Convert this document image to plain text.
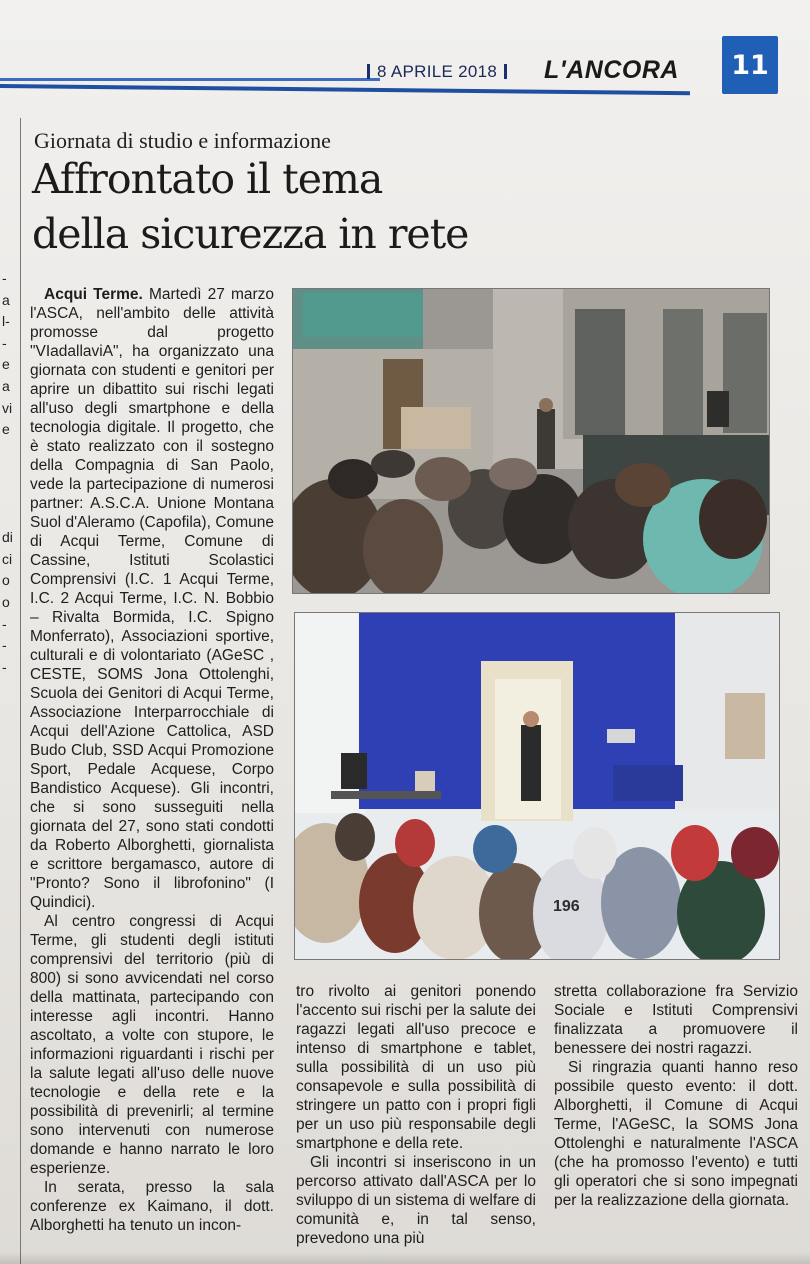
8 APRILE 2018	L'ANCORA	11
-
a
l-
-
e
a
vi
e
di
ci
o
o
-
-
-
Giornata di studio e informazione
Affrontato il tema
della sicurezza in rete

Acqui Terme. Martedì 27 marzo l'ASCA, nell'ambito delle attività promosse dal progetto "VIadallaviA", ha organizzato una giornata con studenti e genitori per aprire un dibattito sui rischi legati all'uso degli smartphone e della tecnologia digitale. Il progetto, che è stato realizzato con il sostegno della Compagnia di San Paolo, vede la partecipazione di numerosi partner: A.S.C.A. Unione Montana Suol d'Aleramo (Capofila), Comune di Acqui Terme, Comune di Cassine, Istituti Scolastici Comprensivi (I.C. 1 Acqui Terme, I.C. 2 Acqui Terme, I.C. N. Bobbio – Rivalta Bormida, I.C. Spigno Monferrato), Associazioni sportive, culturali e di volontariato (AGeSC , CESTE, SOMS Jona Ottolenghi, Scuola dei Genitori di Acqui Terme, Associazione Interparrocchiale di Acqui dell'Azione Cattolica, ASD Budo Club, SSD Acqui Promozione Sport, Pedale Acquese, Corpo Bandistico Acquese). Gli incontri, che si sono susseguiti nella giornata del 27, sono stati condotti da Roberto Alborghetti, giornalista e scrittore bergamasco, autore di "Pronto? Sono il librofonino" (I Quindici).

Al centro congressi di Acqui Terme, gli studenti degli istituti comprensivi del territorio (più di 800) si sono avvicendati nel corso della mattinata, partecipando con interesse agli incontri. Hanno ascoltato, a volte con stupore, le informazioni riguardanti i rischi per la salute legati all'uso delle nuove tecnologie e della rete e la possibilità di prevenirli; al termine sono intervenuti con numerose domande e hanno narrato le loro esperienze.

In serata, presso la sala conferenze ex Kaimano, il dott. Alborghetti ha tenuto un incon-

196

tro rivolto ai genitori ponendo l'accento sui rischi per la salute dei ragazzi legati all'uso precoce e intenso di smartphone e tablet, sulla possibilità di un uso più consapevole e sulla possibilità di stringere un patto con i propri figli per un uso più responsabile degli smartphone e della rete.

Gli incontri si inseriscono in un percorso attivato dall'ASCA per lo sviluppo di un sistema di welfare di comunità e, in tal senso, prevedono una più

stretta collaborazione fra Servizio Sociale e Istituti Comprensivi finalizzata a promuovere il benessere dei nostri ragazzi.

Si ringrazia quanti hanno reso possibile questo evento: il dott. Alborghetti, il Comune di Acqui Terme, l'AGeSC, la SOMS Jona Ottolenghi e naturalmente l'ASCA (che ha promosso l'evento) e tutti gli operatori che si sono impegnati per la realizzazione della giornata.
